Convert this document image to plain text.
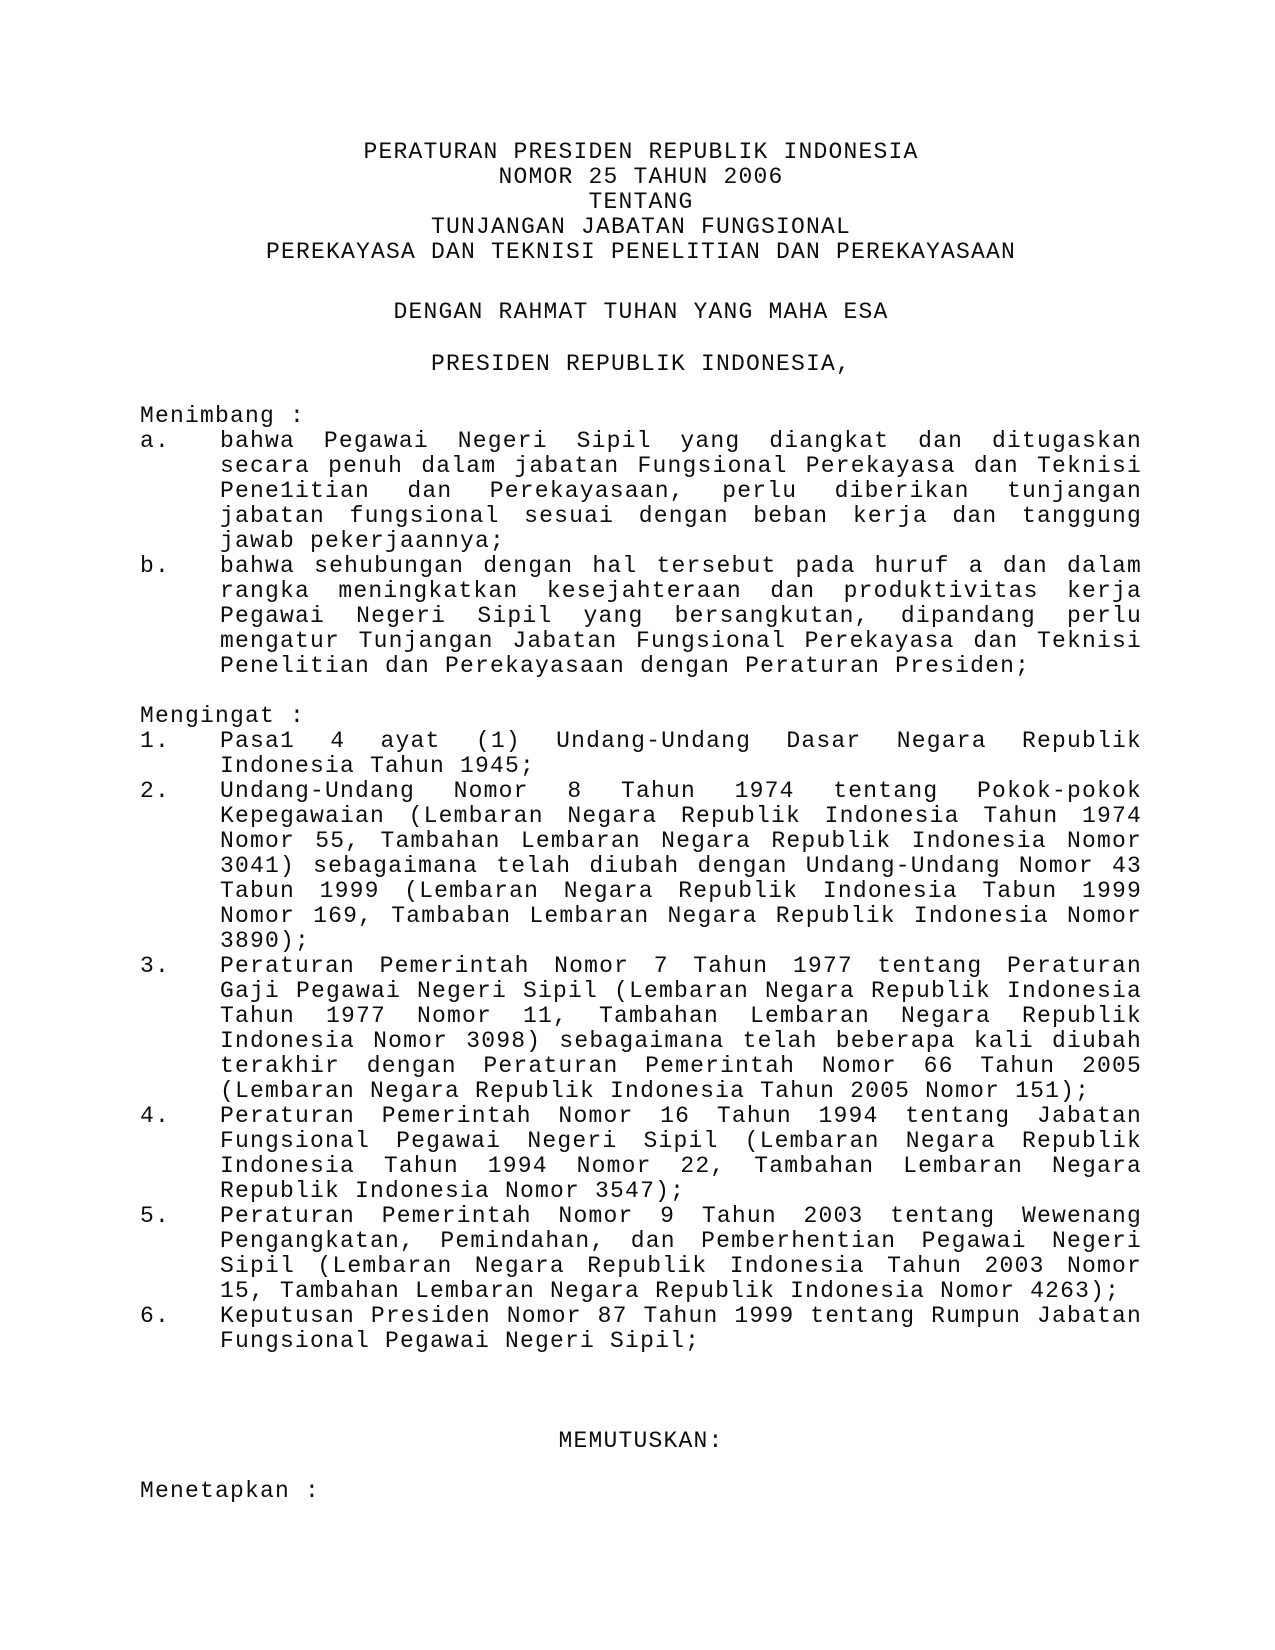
PERATURAN PRESIDEN REPUBLIK INDONESIA
NOMOR 25 TAHUN 2006
TENTANG
TUNJANGAN JABATAN FUNGSIONAL
PEREKAYASA DAN TEKNISI PENELITIAN DAN PEREKAYASAAN
DENGAN RAHMAT TUHAN YANG MAHA ESA
PRESIDEN REPUBLIK INDONESIA,
Menimbang :
a.	bahwa Pegawai Negeri Sipil yang diangkat dan ditugaskan secara penuh dalam jabatan Fungsional Perekayasa dan Teknisi Pene1itian dan Perekayasaan, perlu diberikan tunjangan jabatan fungsional sesuai dengan beban kerja dan tanggung jawab pekerjaannya;
b.	bahwa sehubungan dengan hal tersebut pada huruf a dan dalam rangka meningkatkan kesejahteraan dan produktivitas kerja Pegawai Negeri Sipil yang bersangkutan, dipandang perlu mengatur Tunjangan Jabatan Fungsional Perekayasa dan Teknisi Penelitian dan Perekayasaan dengan Peraturan Presiden;
Mengingat :
1.	Pasa1 4 ayat (1) Undang-Undang Dasar Negara Republik Indonesia Tahun 1945;
2.	Undang-Undang Nomor 8 Tahun 1974 tentang Pokok-pokok Kepegawaian (Lembaran Negara Republik Indonesia Tahun 1974 Nomor 55, Tambahan Lembaran Negara Republik Indonesia Nomor 3041) sebagaimana telah diubah dengan Undang-Undang Nomor 43 Tabun 1999 (Lembaran Negara Republik Indonesia Tabun 1999 Nomor 169, Tambaban Lembaran Negara Republik Indonesia Nomor 3890);
3.	Peraturan Pemerintah Nomor 7 Tahun 1977 tentang Peraturan Gaji Pegawai Negeri Sipil (Lembaran Negara Republik Indonesia Tahun 1977 Nomor 11, Tambahan Lembaran Negara Republik Indonesia Nomor 3098) sebagaimana telah beberapa kali diubah terakhir dengan Peraturan Pemerintah Nomor 66 Tahun 2005 (Lembaran Negara Republik Indonesia Tahun 2005 Nomor 151);
4.	Peraturan Pemerintah Nomor 16 Tahun 1994 tentang Jabatan Fungsional Pegawai Negeri Sipil (Lembaran Negara Republik Indonesia Tahun 1994 Nomor 22, Tambahan Lembaran Negara Republik Indonesia Nomor 3547);
5.	Peraturan Pemerintah Nomor 9 Tahun 2003 tentang Wewenang Pengangkatan, Pemindahan, dan Pemberhentian Pegawai Negeri Sipil (Lembaran Negara Republik Indonesia Tahun 2003 Nomor 15, Tambahan Lembaran Negara Republik Indonesia Nomor 4263);
6.	Keputusan Presiden Nomor 87 Tahun 1999 tentang Rumpun Jabatan Fungsional Pegawai Negeri Sipil;
MEMUTUSKAN:
Menetapkan :
